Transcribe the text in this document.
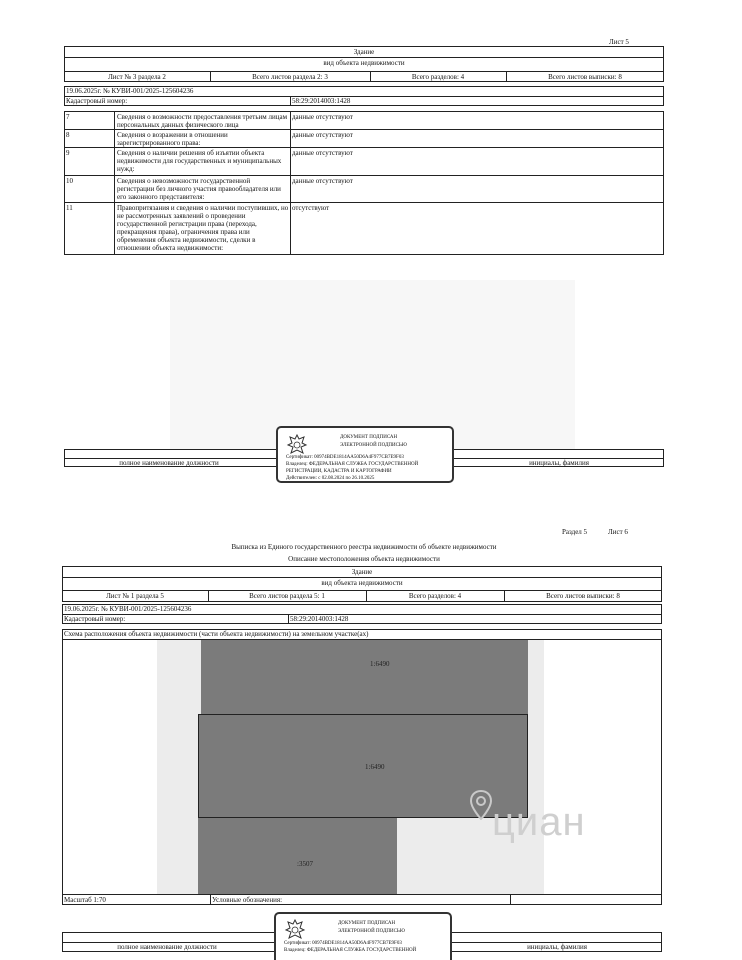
Лист 5
Здание
вид объекта недвижимости
Лист № 3 раздела 2	Всего листов раздела 2: 3	Всего разделов: 4	Всего листов выписки: 8
19.06.2025г. № КУВИ-001/2025-125604236
Кадастровый номер:	58:29:2014003:1428
7	Сведения о возможности предоставления третьим лицам персональных данных физического лица
данные отсутствуют
8	Сведения о возражении в отношении зарегистрированного права:
данные отсутствуют
9	Сведения о наличии решения об изъятии объекта недвижимости для государственных и муниципальных нужд:
данные отсутствуют
10	Сведения о невозможности государственной регистрации без личного участия правообладателя или его законного представителя:
данные отсутствуют
11	Правопритязания и сведения о наличии поступивших, но не рассмотренных заявлений о проведении государственной регистрации права (перехода, прекращения права), ограничения права или обременения объекта недвижимости, сделки в отношении объекта недвижимости:
отсутствуют
полное наименование должности	инициалы, фамилия
ДОКУМЕНТ ПОДПИСАН
ЭЛЕКТРОННОЙ ПОДПИСЬЮ
Сертификат: 00974BDE1814AA50D6A4F977CB7E9F03
Владелец: ФЕДЕРАЛЬНАЯ СЛУЖБА ГОСУДАРСТВЕННОЙ
РЕГИСТРАЦИИ, КАДАСТРА И КАРТОГРАФИИ
Действителен: с 02.08.2024 по 26.10.2025
Раздел 5	Лист 6
Выписка из Единого государственного реестра недвижимости об объекте недвижимости
Описание местоположения объекта недвижимости
Здание
вид объекта недвижимости
Лист № 1 раздела 5	Всего листов раздела 5: 1	Всего разделов: 4	Всего листов выписки: 8
19.06.2025г. № КУВИ-001/2025-125604236
Кадастровый номер:	58:29:2014003:1428
Схема расположения объекта недвижимости (части объекта недвижимости) на земельном участке(ах)
1:6490
1:6490
:3507
циан
Масштаб 1:70	Условные обозначения:
полное наименование должности	инициалы, фамилия
ДОКУМЕНТ ПОДПИСАН
ЭЛЕКТРОННОЙ ПОДПИСЬЮ
Сертификат: 00974BDE1814AA50D6A4F977CB7E9F03
Владелец: ФЕДЕРАЛЬНАЯ СЛУЖБА ГОСУДАРСТВЕННОЙ
